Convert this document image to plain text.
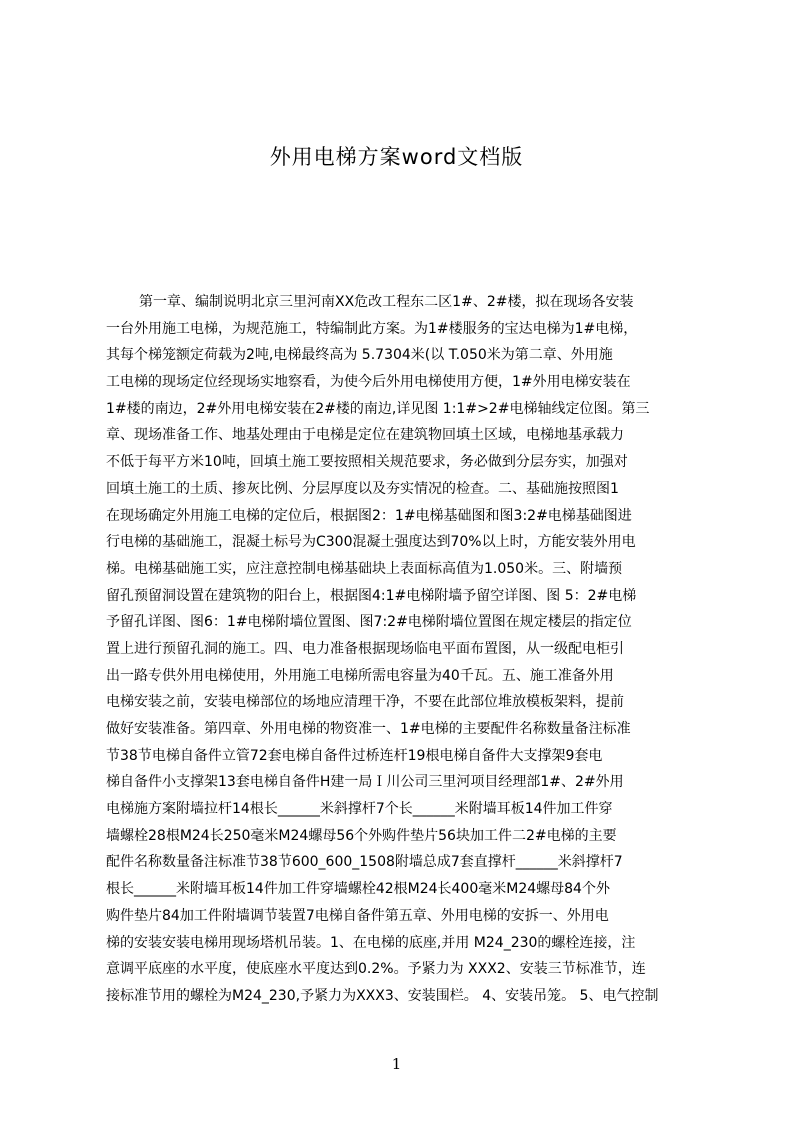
外用电梯方案word文档版
第一章、编制说明北京三里河南XX危改工程东二区1#、2#楼，拟在现场各安装
一台外用施工电梯，为规范施工，特编制此方案。为1#楼服务的宝达电梯为1#电梯，
其每个梯笼额定荷载为2吨,电梯最终高为 5.7304米(以 T.050米为第二章、外用施
工电梯的现场定位经现场实地察看，为使今后外用电梯使用方便，1#外用电梯安装在
1#楼的南边，2#外用电梯安装在2#楼的南边,详见图 1:1#>2#电梯轴线定位图。第三
章、现场准备工作、地基处理由于电梯是定位在建筑物回填土区域，电梯地基承载力
不低于每平方米10吨，回填土施工要按照相关规范要求，务必做到分层夯实，加强对
回填土施工的土质、掺灰比例、分层厚度以及夯实情况的检查。二、基础施按照图1
在现场确定外用施工电梯的定位后，根据图2：1#电梯基础图和图3:2#电梯基础图进
行电梯的基础施工，混凝土标号为C300混凝土强度达到70%以上时，方能安装外用电
梯。电梯基础施工实，应注意控制电梯基础块上表面标高值为1.050米。三、附墙预
留孔预留洞设置在建筑物的阳台上，根据图4:1#电梯附墙予留空详图、图 5：2#电梯
予留孔详图、图6：1#电梯附墙位置图、图7:2#电梯附墙位置图在规定楼层的指定位
置上进行预留孔洞的施工。四、电力准备根据现场临电平面布置图，从一级配电柜引
出一路专供外用电梯使用，外用施工电梯所需电容量为40千瓦。五、施工准备外用
电梯安装之前，安装电梯部位的场地应清理干净，不要在此部位堆放模板架料，提前
做好安装准备。第四章、外用电梯的物资准一、1#电梯的主要配件名称数量备注标准
节38节电梯自备件立管72套电梯自备件过桥连杆19根电梯自备件大支撑架9套电
梯自备件小支撑架13套电梯自备件H建一局Ｉ川公司三里河项目经理部1#、2#外用
电梯施方案附墙拉杆14根长______米斜撑杆7个长______米附墙耳板14件加工件穿
墙螺栓28根M24长250毫米M24螺母56个外购件垫片56块加工件二2#电梯的主要
配件名称数量备注标准节38节600_600_1508附墙总成7套直撑杆______米斜撑杆7
根长______米附墙耳板14件加工件穿墙螺栓42根M24长400毫米M24螺母84个外
购件垫片84加工件附墙调节装置7电梯自备件第五章、外用电梯的安拆一、外用电
梯的安装安装电梯用现场塔机吊装。1、在电梯的底座,并用 M24_230的螺栓连接，注
意调平底座的水平度，使底座水平度达到0.2%。予紧力为 XXX2、安装三节标准节，连
接标准节用的螺栓为M24_230,予紧力为XXX3、安装围栏。 4、安装吊笼。 5、电气控制
1
